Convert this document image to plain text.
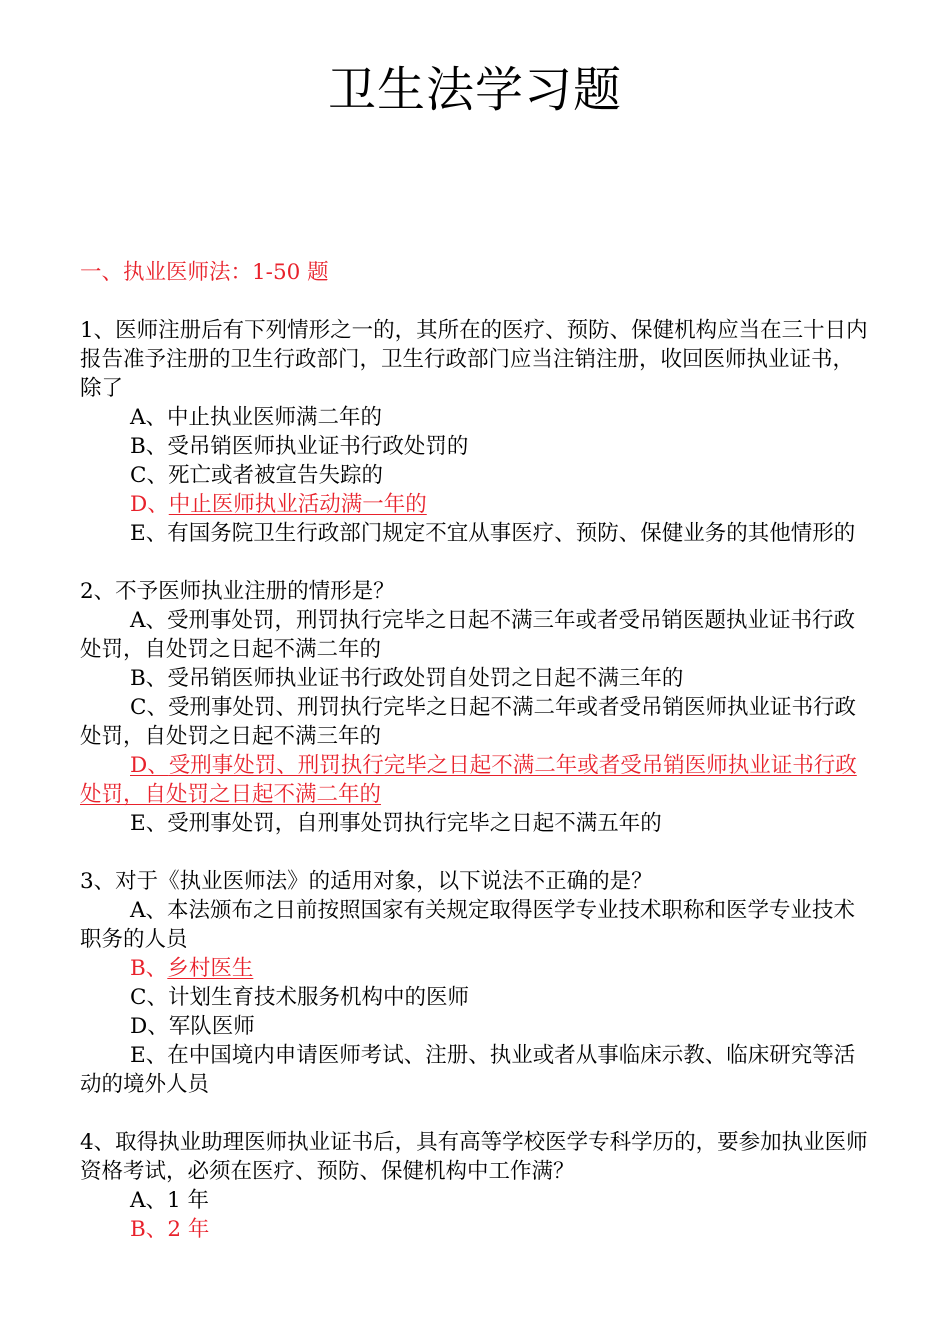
卫生法学习题
一、执业医师法：1-50 题

1、医师注册后有下列情形之一的，其所在的医疗、预防、保健机构应当在三十日内报告准予注册的卫生行政部门，卫生行政部门应当注销注册，收回医师执业证书，除了

A、中止执业医师满二年的

B、受吊销医师执业证书行政处罚的

C、死亡或者被宣告失踪的

D、中止医师执业活动满一年的

E、有国务院卫生行政部门规定不宜从事医疗、预防、保健业务的其他情形的

2、不予医师执业注册的情形是？

A、受刑事处罚，刑罚执行完毕之日起不满三年或者受吊销医题执业证书行政处罚，自处罚之日起不满二年的

B、受吊销医师执业证书行政处罚自处罚之日起不满三年的

C、受刑事处罚、刑罚执行完毕之日起不满二年或者受吊销医师执业证书行政处罚，自处罚之日起不满三年的

D、受刑事处罚、刑罚执行完毕之日起不满二年或者受吊销医师执业证书行政处罚，自处罚之日起不满二年的

E、受刑事处罚，自刑事处罚执行完毕之日起不满五年的

3、对于《执业医师法》的适用对象，以下说法不正确的是？

A、本法颁布之日前按照国家有关规定取得医学专业技术职称和医学专业技术职务的人员

B、乡村医生

C、计划生育技术服务机构中的医师

D、军队医师

E、在中国境内申请医师考试、注册、执业或者从事临床示教、临床研究等活动的境外人员

4、取得执业助理医师执业证书后，具有高等学校医学专科学历的，要参加执业医师资格考试，必须在医疗、预防、保健机构中工作满？

A、1 年

B、2 年
